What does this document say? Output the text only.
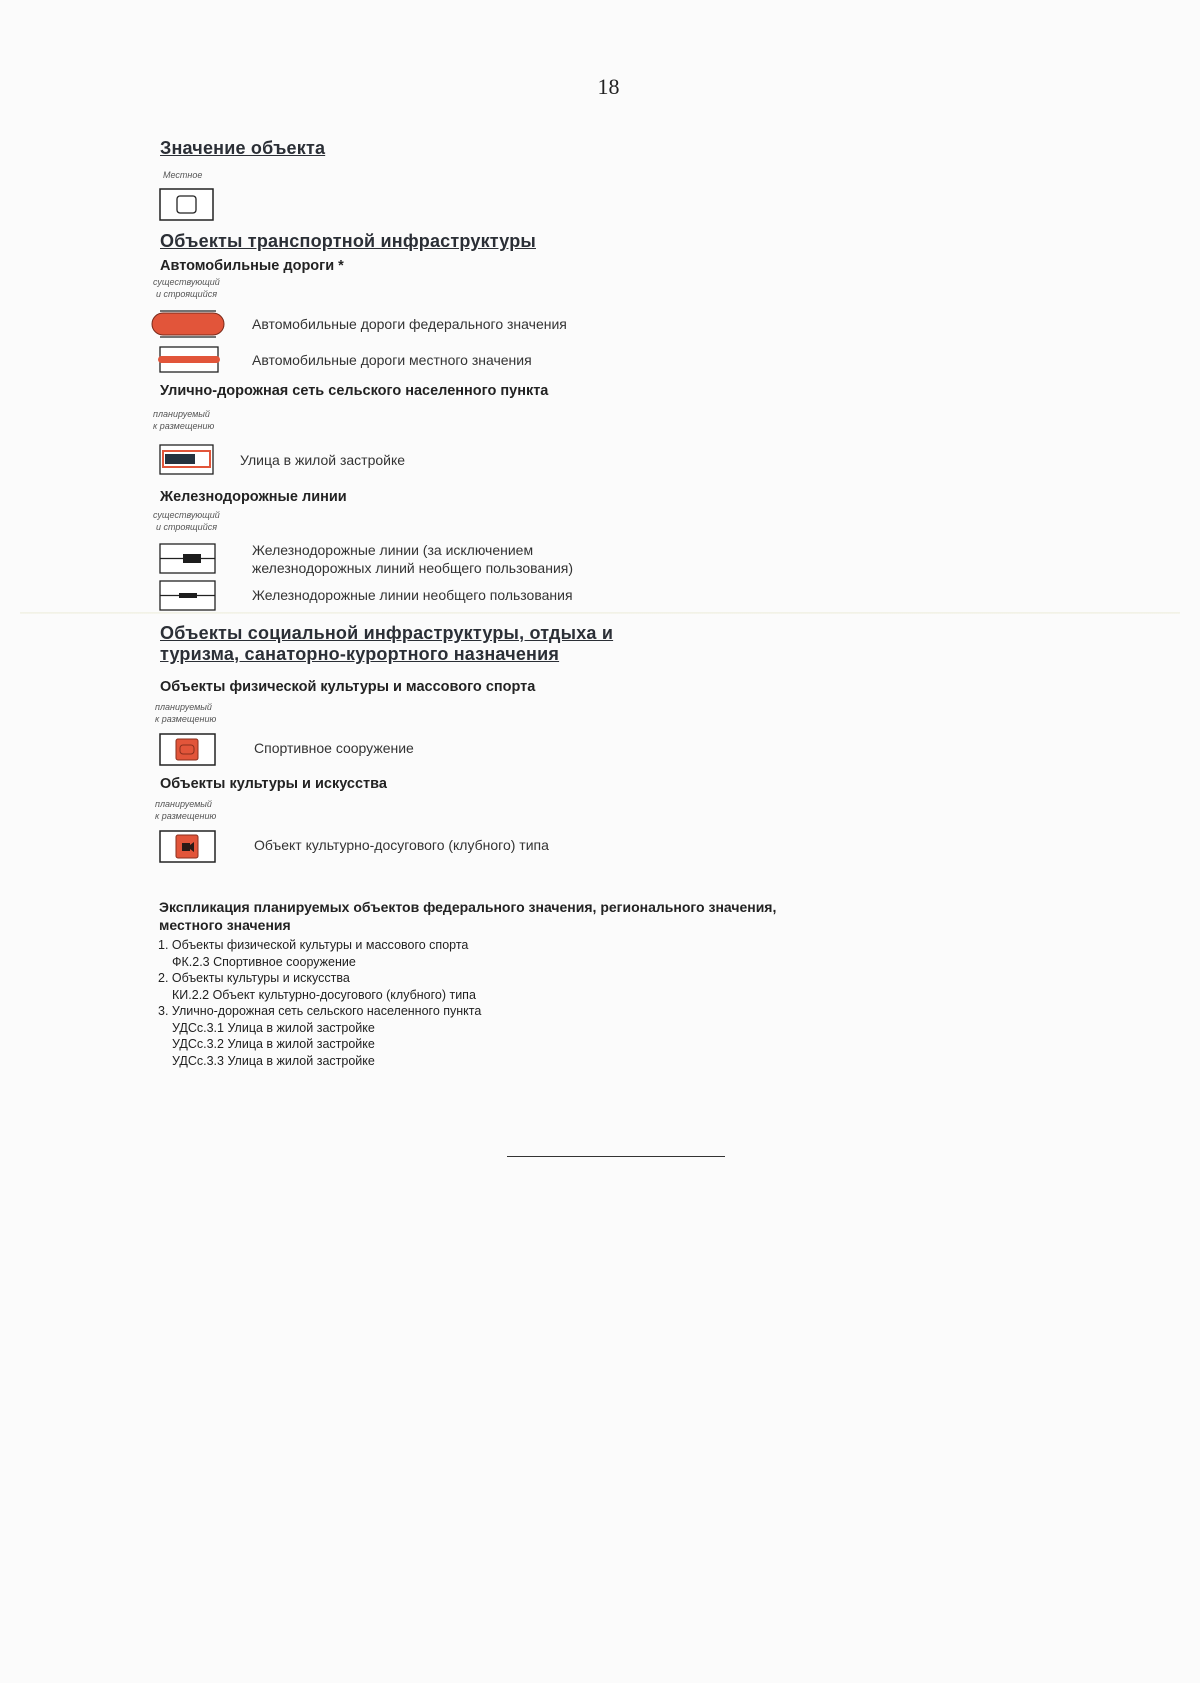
18
Значение объекта
Местное
Объекты транспортной инфраструктуры
Автомобильные дороги *
существующий
и строящийся
Автомобильные дороги федерального значения
Автомобильные дороги местного значения
Улично-дорожная сеть сельского населенного пункта
планируемый
к размещению
Улица в жилой застройке
Железнодорожные линии
существующий
и строящийся
Железнодорожные линии (за исключением
железнодорожных линий необщего пользования)
Железнодорожные линии необщего пользования
Объекты социальной инфраструктуры, отдыха и
туризма, санаторно-курортного назначения
Объекты физической культуры и массового спорта
планируемый
к размещению
Спортивное сооружение
Объекты культуры и искусства
планируемый
к размещению
Объект культурно-досугового (клубного) типа
Экспликация планируемых объектов федерального значения, регионального значения,
местного значения
1. Объекты физической культуры и массового спорта
ФК.2.3 Спортивное сооружение
2. Объекты культуры и искусства
КИ.2.2 Объект культурно-досугового (клубного) типа
3. Улично-дорожная сеть сельского населенного пункта
УДСс.3.1 Улица в жилой застройке
УДСс.3.2 Улица в жилой застройке
УДСс.3.3 Улица в жилой застройке
